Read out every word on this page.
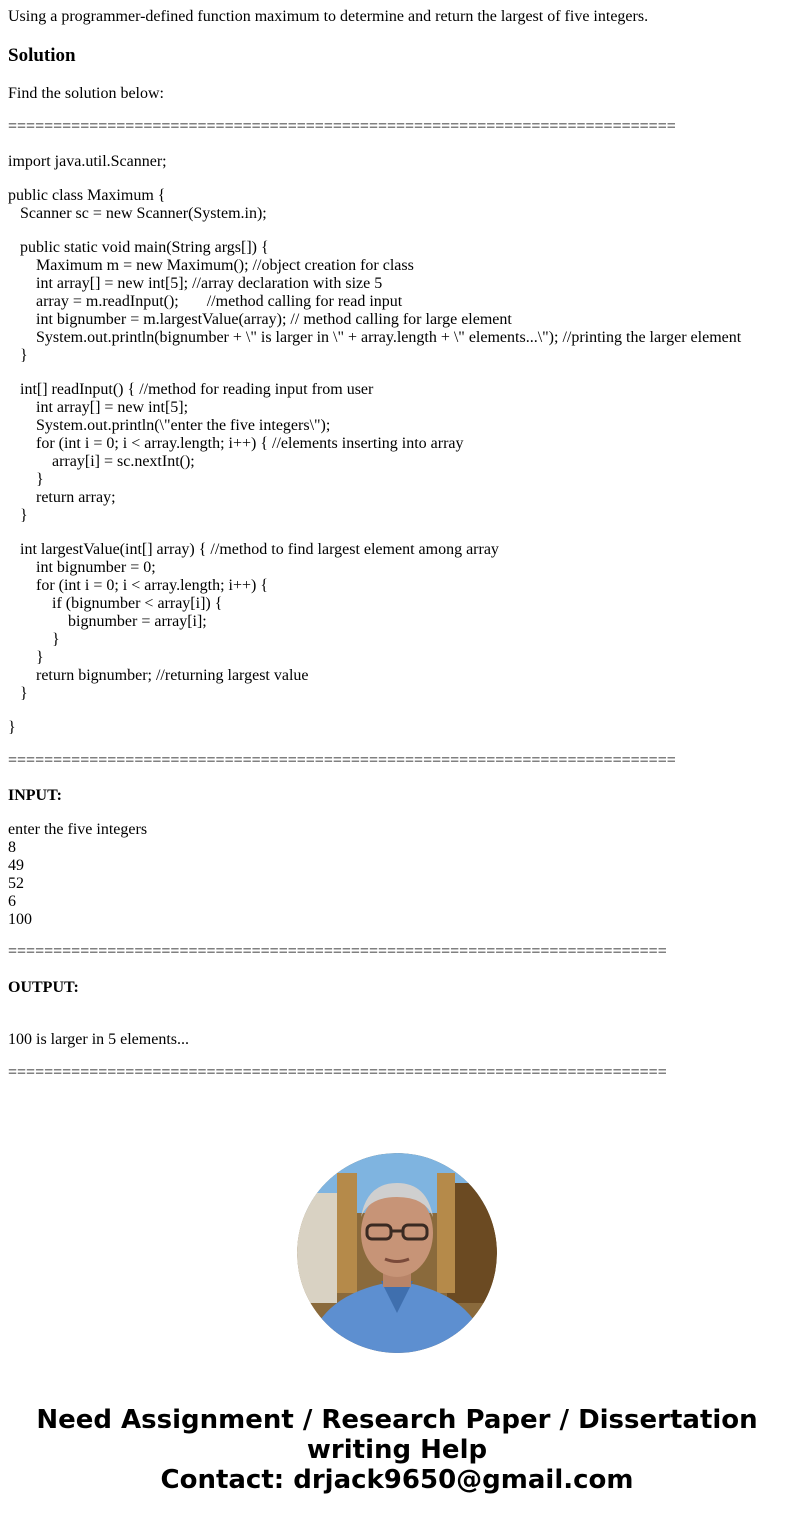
Using a programmer-defined function maximum to determine and return the largest of five integers.
Solution
Find the solution below:
==========================================================================
import java.util.Scanner;
public class Maximum {
Scanner sc = new Scanner(System.in);
public static void main(String args[]) {
Maximum m = new Maximum(); //object creation for class
int array[] = new int[5]; //array declaration with size 5
array = m.readInput();       //method calling for read input
int bignumber = m.largestValue(array); // method calling for large element
System.out.println(bignumber + \" is larger in \" + array.length + \" elements...\"); //printing the larger element
}
int[] readInput() { //method for reading input from user
int array[] = new int[5];
System.out.println(\"enter the five integers\");
for (int i = 0; i < array.length; i++) { //elements inserting into array
array[i] = sc.nextInt();
}
return array;
}
int largestValue(int[] array) { //method to find largest element among array
int bignumber = 0;
for (int i = 0; i < array.length; i++) {
if (bignumber < array[i]) {
bignumber = array[i];
}
}
return bignumber; //returning largest value
}
}
==========================================================================
INPUT:
enter the five integers
8
49
52
6
100
=========================================================================
OUTPUT:
100 is larger in 5 elements...
=========================================================================
Need Assignment / Research Paper / Dissertation
writing Help
Contact: drjack9650@gmail.com
